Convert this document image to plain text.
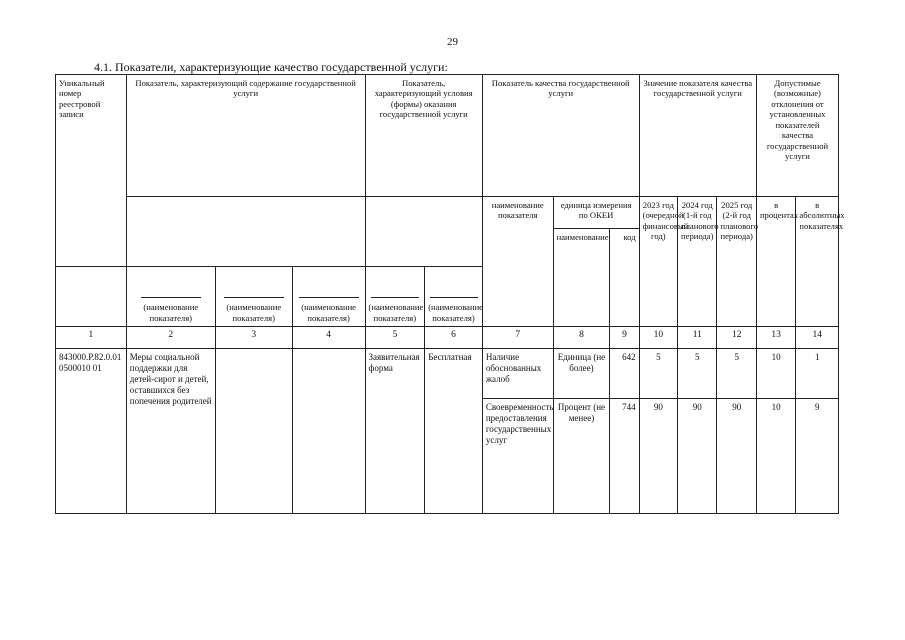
29
4.1. Показатели, характеризующие качество государственной услуги:
Уникальный номер реестровой записи	Показатель, характеризующий содержание государственной услуги			Показатель, характеризующий условия (формы) оказания государственной услуги		Показатель качества государственной услуги			Значение показателя качества государственной услуги			Допустимые (возможные) отклонения от установленных показателей качества государственной услуги	
						наименование показателя	единица измерения по ОКЕИ		2023 год (очередной финансовый год)	2024 год (1-й год планового периода)	2025 год (2-й год планового периода)	в процентах	в абсолютных показателях
							наименование	код					

(наименование показателя)	(наименование показателя)	(наименование показателя)	(наименование показателя)	(наименование показателя)								
1	2	3	4	5	6	7	8	9	10	11	12	13	14
843000.Р.82.0.010500010 01	Меры социальной поддержки для детей-сирот и детей, оставшихся без попечения родителей			Заявительная форма	Бесплатная	Наличие обоснованных жалоб	Единица (не более)	642	5	5	5	10	1
						Своевременность предоставления государственных услуг	Процент (не менее)	744	90	90	90	10	9
